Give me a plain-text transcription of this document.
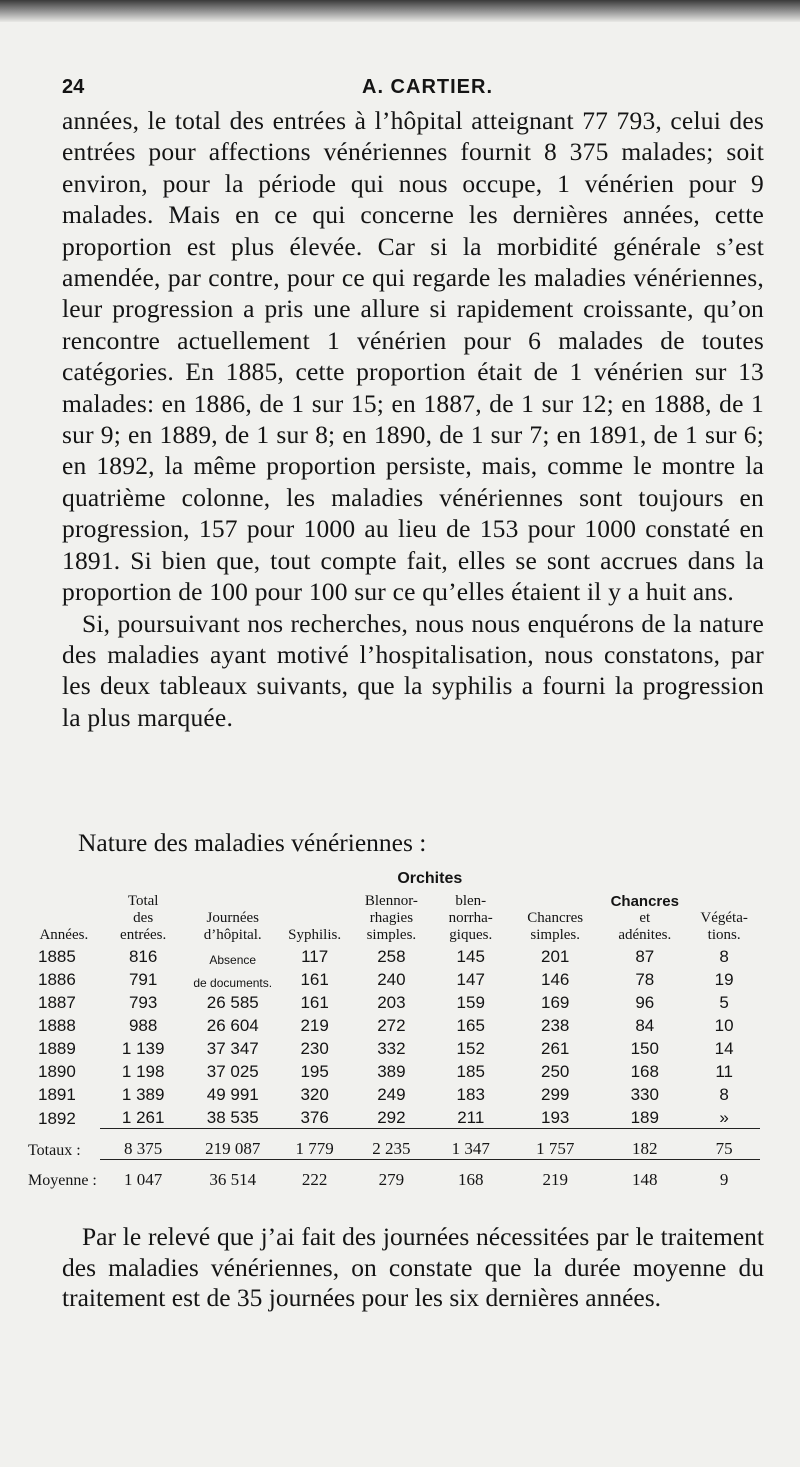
24	A. CARTIER.

années, le total des entrées à l’hôpital atteignant 77 793, celui des entrées pour affections vénériennes fournit 8 375 malades; soit environ, pour la période qui nous occupe, 1 vénérien pour 9 malades. Mais en ce qui concerne les dernières années, cette proportion est plus élevée. Car si la morbidité générale s’est amendée, par contre, pour ce qui regarde les maladies vénériennes, leur progression a pris une allure si rapidement croissante, qu’on rencontre actuellement 1 vénérien pour 6 malades de toutes catégories. En 1885, cette proportion était de 1 vénérien sur 13 malades: en 1886, de 1 sur 15; en 1887, de 1 sur 12; en 1888, de 1 sur 9; en 1889, de 1 sur 8; en 1890, de 1 sur 7; en 1891, de 1 sur 6; en 1892, la même proportion persiste, mais, comme le montre la quatrième colonne, les maladies vénériennes sont toujours en progression, 157 pour 1000 au lieu de 153 pour 1000 constaté en 1891. Si bien que, tout compte fait, elles se sont accrues dans la proportion de 100 pour 100 sur ce qu’elles étaient il y a huit ans.

Si, poursuivant nos recherches, nous nous enquérons de la nature des maladies ayant motivé l’hospitalisation, nous constatons, par les deux tableaux suivants, que la syphilis a fourni la progression la plus marquée.

Nature des maladies vénériennes :
				Orchites				
	Total			Blennor-	blen-		Chancres	
	des	Journées		rhagies	norrha-	Chancres	et	Végéta-
Années.	entrées.	d’hôpital.	Syphilis.	simples.	giques.	simples.	adénites.	tions.
1885	816	Absence	117	258	145	201	87	8
1886	791	de documents.	161	240	147	146	78	19
1887	793	26 585	161	203	159	169	96	5
1888	988	26 604	219	272	165	238	84	10
1889	1 139	37 347	230	332	152	261	150	14
1890	1 198	37 025	195	389	185	250	168	11
1891	1 389	49 991	320	249	183	299	330	8
1892	1 261	38 535	376	292	211	193	189	»
Totaux :	8 375	219 087	1 779	2 235	1 347	1 757	182	75
Moyenne :	1 047	36 514	222	279	168	219	148	9
Par le relevé que j’ai fait des journées nécessitées par le traitement des maladies vénériennes, on constate que la durée moyenne du traitement est de 35 journées pour les six dernières années.
